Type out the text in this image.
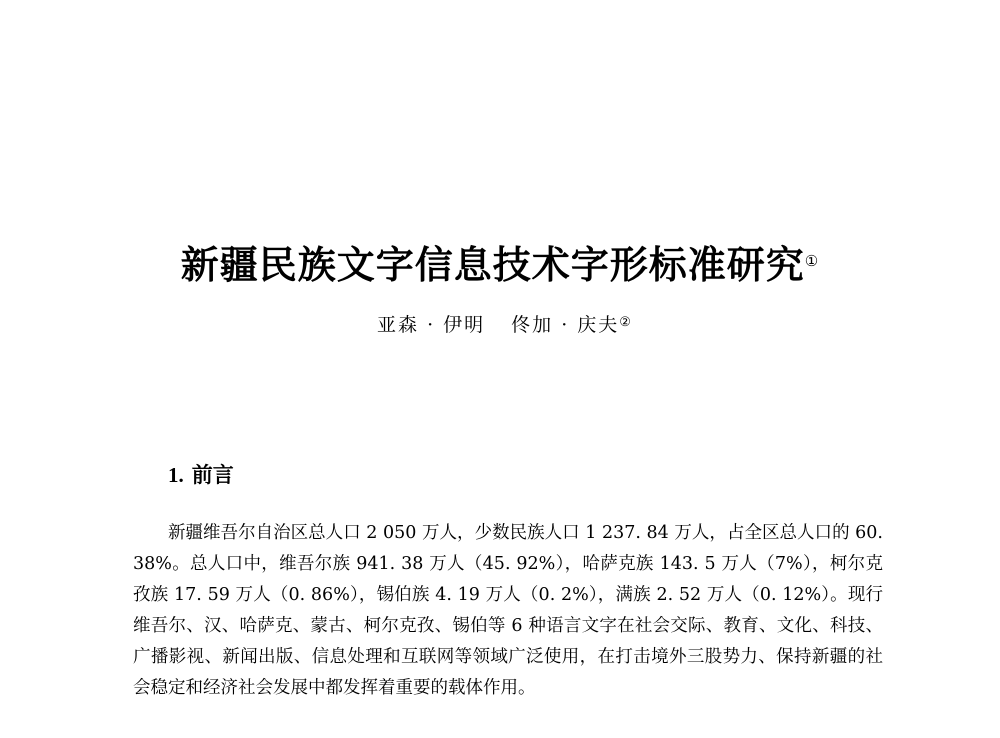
新疆民族文字信息技术字形标准研究①
亚森 · 伊明 佟加 · 庆夫②
1. 前言

新疆维吾尔自治区总人口 2 050 万人，少数民族人口 1 237. 84 万人，占全区总人口的 60. 38%。总人口中，维吾尔族 941. 38 万人（45. 92%），哈萨克族 143. 5 万人（7%），柯尔克孜族 17. 59 万人（0. 86%），锡伯族 4. 19 万人（0. 2%），满族 2. 52 万人（0. 12%）。现行维吾尔、汉、哈萨克、蒙古、柯尔克孜、锡伯等 6 种语言文字在社会交际、教育、文化、科技、广播影视、新闻出版、信息处理和互联网等领域广泛使用，在打击境外三股势力、保持新疆的社会稳定和经济社会发展中都发挥着重要的载体作用。
